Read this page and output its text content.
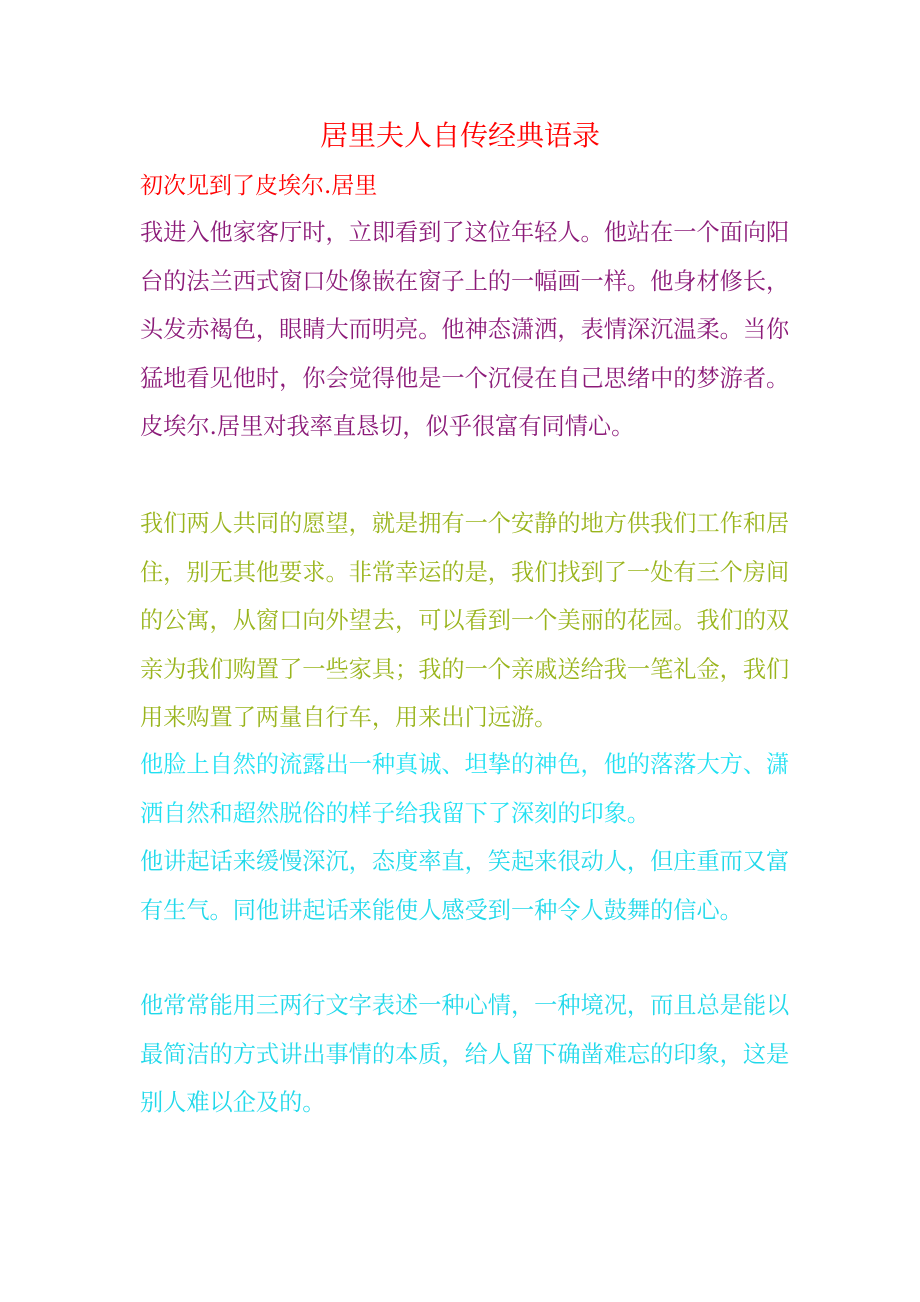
居里夫人自传经典语录
初次见到了皮埃尔.居里

我进入他家客厅时，立即看到了这位年轻人。他站在一个面向阳台的法兰西式窗口处像嵌在窗子上的一幅画一样。他身材修长，头发赤褐色，眼睛大而明亮。他神态潇洒，表情深沉温柔。当你猛地看见他时，你会觉得他是一个沉侵在自己思绪中的梦游者。皮埃尔.居里对我率直恳切，似乎很富有同情心。

我们两人共同的愿望，就是拥有一个安静的地方供我们工作和居住，别无其他要求。非常幸运的是，我们找到了一处有三个房间的公寓，从窗口向外望去，可以看到一个美丽的花园。我们的双亲为我们购置了一些家具；我的一个亲戚送给我一笔礼金，我们用来购置了两量自行车，用来出门远游。

他脸上自然的流露出一种真诚、坦挚的神色，他的落落大方、潇洒自然和超然脱俗的样子给我留下了深刻的印象。

他讲起话来缓慢深沉，态度率直，笑起来很动人，但庄重而又富有生气。同他讲起话来能使人感受到一种令人鼓舞的信心。

他常常能用三两行文字表述一种心情，一种境况，而且总是能以最简洁的方式讲出事情的本质，给人留下确凿难忘的印象，这是别人难以企及的。
